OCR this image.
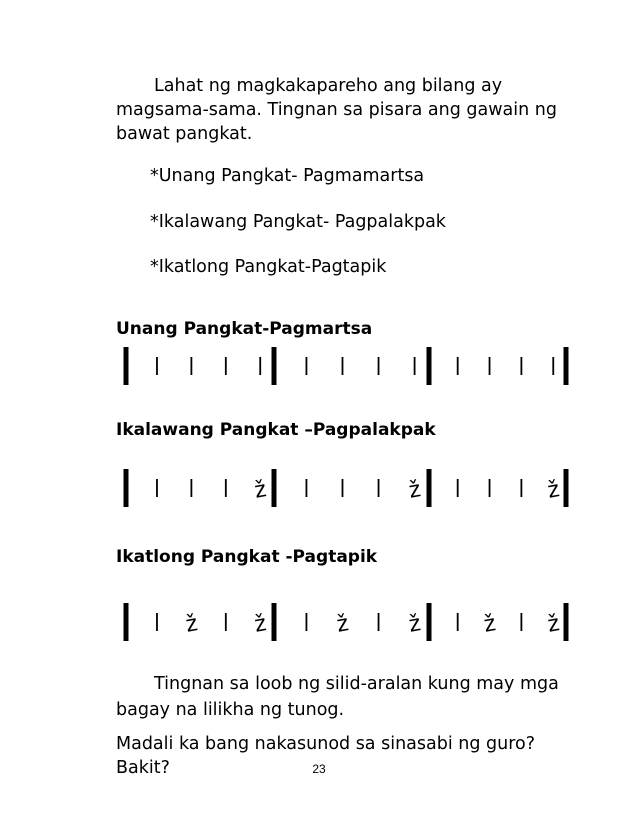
Lahat ng magkakapareho ang bilang ay magsama-sama. Tingnan sa pisara ang gawain ng bawat pangkat.

*Unang Pangkat- Pagmamartsa

*Ikalawang Pangkat- Pagpalakpak

*Ikatlong Pangkat-Pagtapik

Unang Pangkat-Pagmartsa

Ikalawang Pangkat –Pagpalakpak

ž	ž	ž

Ikatlong Pangkat -Pagtapik

ž ž	ž	ž	ž ž

Tingnan sa loob ng silid-aralan kung may mga

bagay na lilikha ng tunog.

Madali ka bang nakasunod sa sinasabi ng guro? Bakit?	23
